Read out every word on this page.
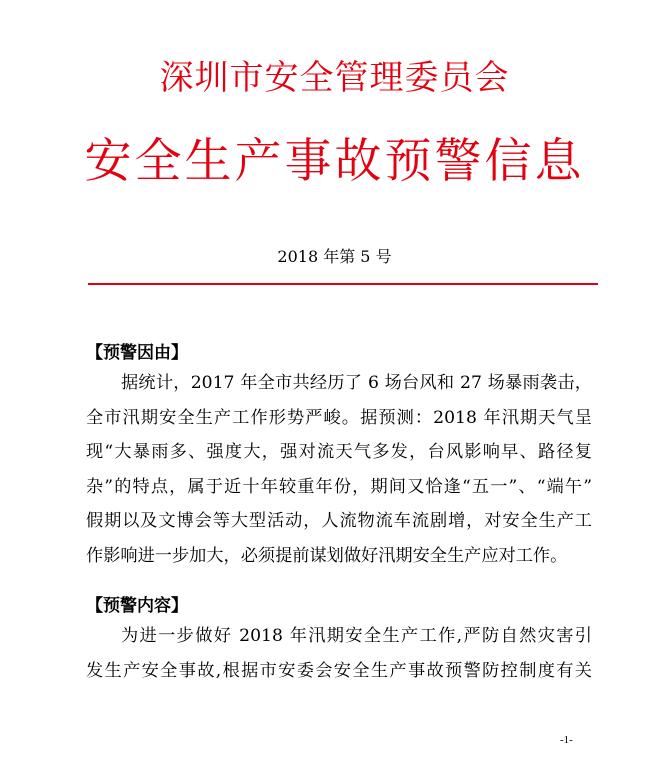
深圳市安全管理委员会
安全生产事故预警信息
2018 年第 5 号
【预警因由】
据统计，2017 年全市共经历了 6 场台风和 27 场暴雨袭击，
全市汛期安全生产工作形势严峻。据预测：2018 年汛期天气呈
现“大暴雨多、强度大，强对流天气多发，台风影响早、路径复
杂”的特点，属于近十年较重年份，期间又恰逢“五一”、“端午”
假期以及文博会等大型活动，人流物流车流剧增，对安全生产工
作影响进一步加大，必须提前谋划做好汛期安全生产应对工作。
【预警内容】
为进一步做好 2018 年汛期安全生产工作,严防自然灾害引
发生产安全事故,根据市安委会安全生产事故预警防控制度有关
-1-
